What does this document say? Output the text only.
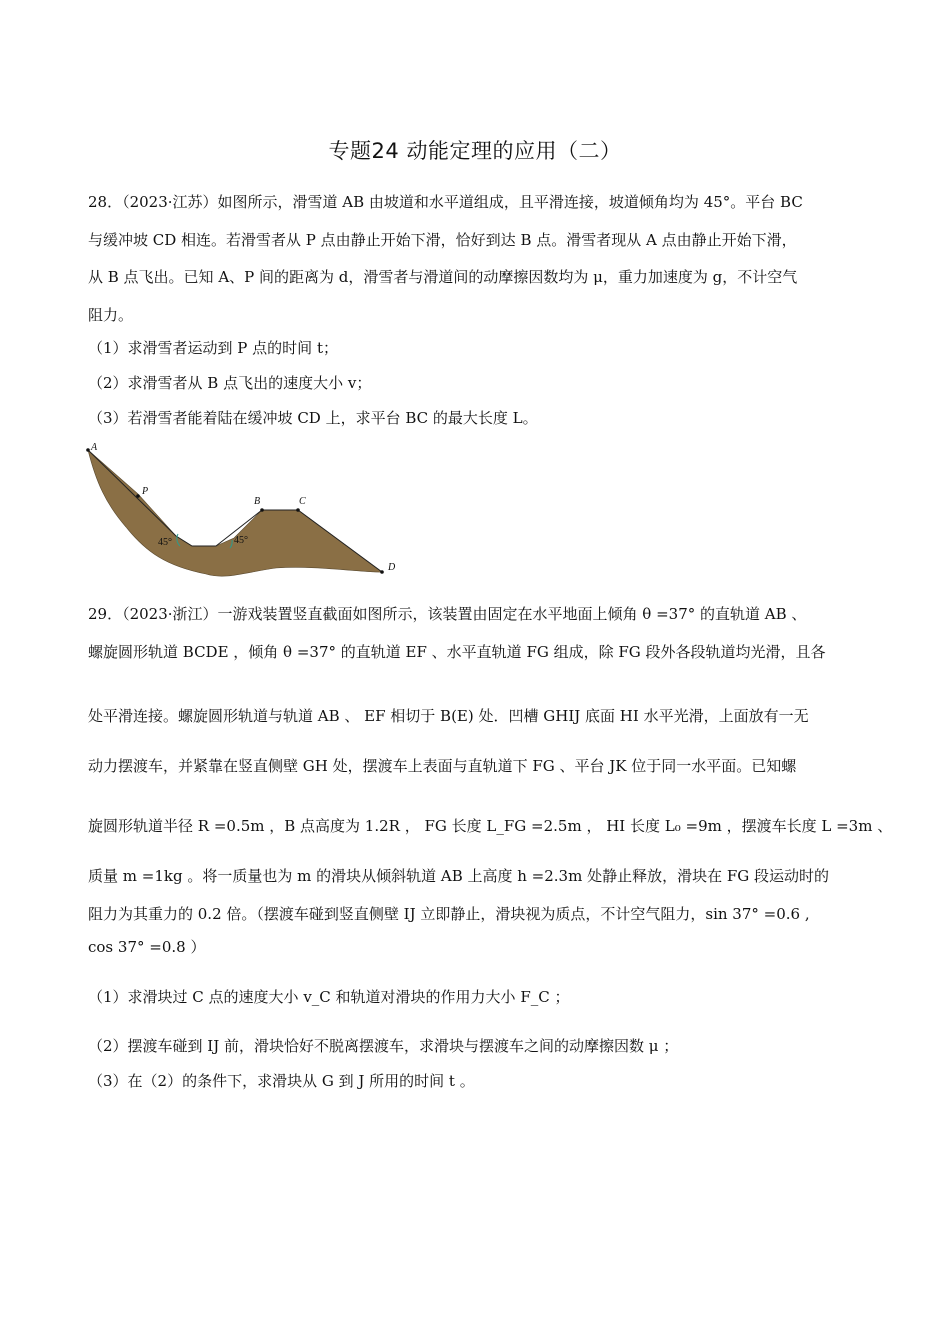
专题24 动能定理的应用（二）
28．（2023·江苏）如图所示，滑雪道 AB 由坡道和水平道组成，且平滑连接，坡道倾角均为 45°。平台 BC
与缓冲坡 CD 相连。若滑雪者从 P 点由静止开始下滑，恰好到达 B 点。滑雪者现从 A 点由静止开始下滑，
从 B 点飞出。已知 A、P 间的距离为 d，滑雪者与滑道间的动摩擦因数均为 μ，重力加速度为 g，不计空气
阻力。
（1）求滑雪者运动到 P 点的时间 t；
（2）求滑雪者从 B 点飞出的速度大小 v；
（3）若滑雪者能着陆在缓冲坡 CD 上，求平台 BC 的最大长度 L。
A
P
B	C
D
45°	45°
29．（2023·浙江）一游戏装置竖直截面如图所示，该装置由固定在水平地面上倾角 θ =37° 的直轨道 AB 、
螺旋圆形轨道 BCDE ，倾角 θ =37° 的直轨道 EF 、水平直轨道 FG 组成，除 FG 段外各段轨道均光滑，且各
处平滑连接。螺旋圆形轨道与轨道 AB 、 EF 相切于 B(E) 处．凹槽 GHIJ 底面 HI 水平光滑，上面放有一无
动力摆渡车，并紧靠在竖直侧壁 GH 处，摆渡车上表面与直轨道下 FG 、平台 JK 位于同一水平面。已知螺
旋圆形轨道半径 R =0.5m ，B 点高度为 1.2R ， FG 长度 L_FG =2.5m ， HI 长度 L₀ =9m ，摆渡车长度 L =3m 、
质量 m =1kg 。将一质量也为 m 的滑块从倾斜轨道 AB 上高度 h =2.3m 处静止释放，滑块在 FG 段运动时的
阻力为其重力的 0.2 倍。（摆渡车碰到竖直侧壁 IJ 立即静止，滑块视为质点，不计空气阻力，sin 37° =0.6 ,
cos 37° =0.8 ）
（1）求滑块过 C 点的速度大小 v_C 和轨道对滑块的作用力大小 F_C ；
（2）摆渡车碰到 IJ 前，滑块恰好不脱离摆渡车，求滑块与摆渡车之间的动摩擦因数 μ ；
（3）在（2）的条件下，求滑块从 G 到 J 所用的时间 t 。
